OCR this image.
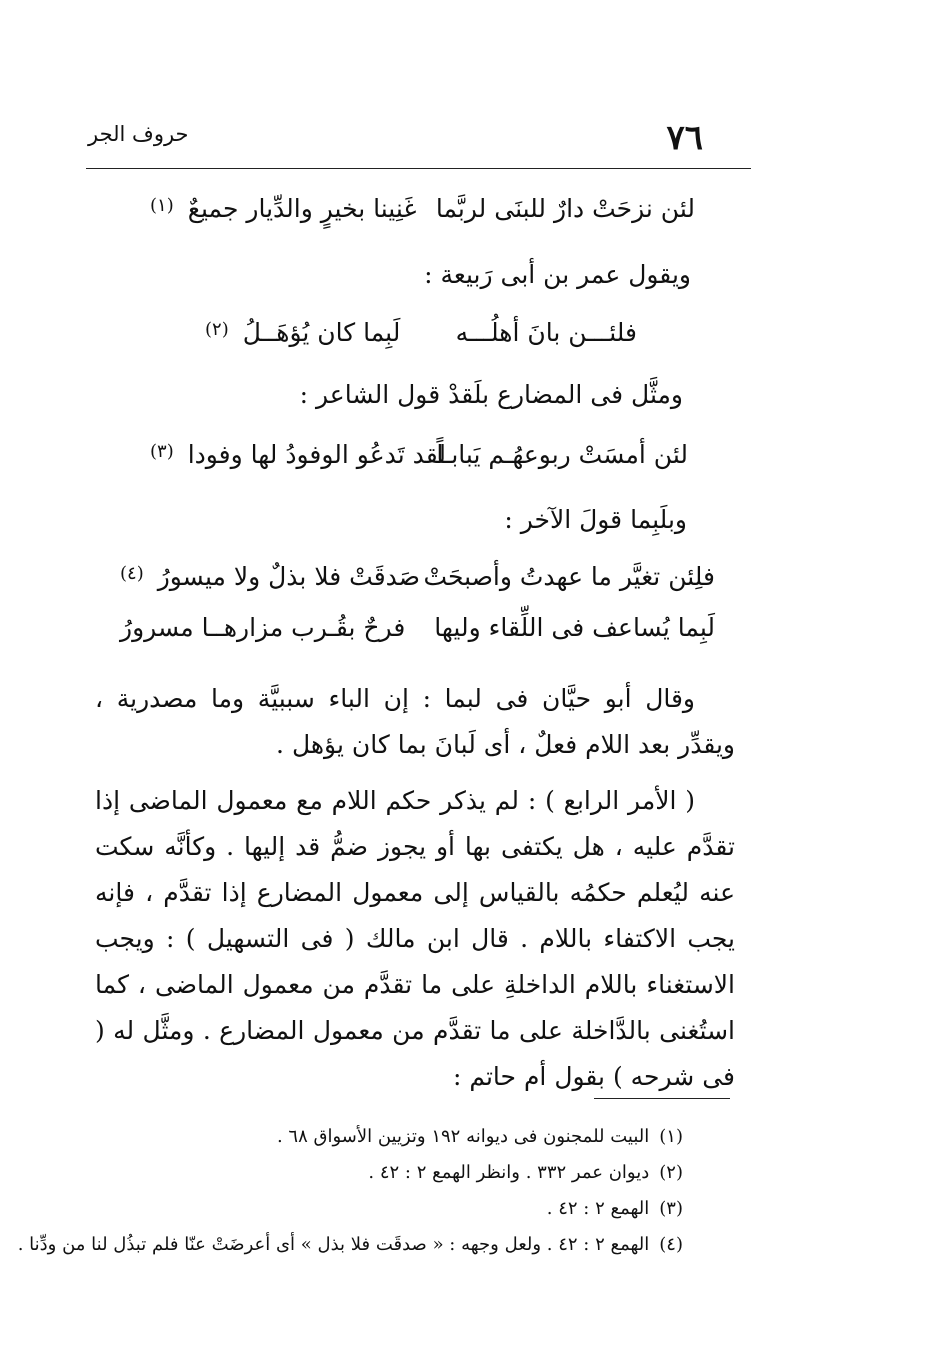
٧٦
حروف الجر
لئن نزحَتْ دارٌ للبنَى لربَّما
غَنِينا بخيرٍ والدِّيار جميعٌ $^{(١)}$
ويقول عمر بن أبى رَبيعة :
فلئـــن بانَ أهلُـــه
لَبِما كان يُؤهَــلُ $^{(٢)}$
ومثَّل فى المضارع بلَقدْ قول الشاعر :
لئن أمسَتْ ربوعهُـم يَبابـاً
لقد تَدعُو الوفودُ لها وفودا $^{(٣)}$
وبلَبِما قولَ الآخر :
فلِئن تغيَّر ما عهدتُ وأصبحَتْ
صَدقَتْ فلا بذلٌ ولا ميسورُ $^{(٤)}$
لَبِما يُساعف فى اللِّقاء وليها
فرحٌ بقُـرب مزارهــا مسرورُ
وقال أبو حيَّان فى لبما : إن الباء سببيَّة وما مصدرية ، ويقدِّر بعد اللام فعلٌ ، أى لَبانَ بما كان يؤهل .
( الأمر الرابع ) : لم يذكر حكم اللام مع معمول الماضى إذا تقدَّم عليه ، هل يكتفى بها أو يجوز ضمُّ قد إليها . وكأنَّه سكت عنه ليُعلم حكمُه بالقياس إلى معمول المضارع إذا تقدَّم ، فإنه يجب الاكتفاء باللام . قال ابن مالك ( فى التسهيل ) : ويجب الاستغناء باللام الداخلةِ على ما تقدَّم من معمول الماضى ، كما استُغنى بالدَّاخلة على ما تقدَّم من معمول المضارع . ومثَّل له ( فى شرحه ) بقول أم حاتم :
(١)البيت للمجنون فى ديوانه ١٩٢ وتزيين الأسواق ٦٨ .
(٢)ديوان عمر ٣٣٢ . وانظر الهمع ٢ : ٤٢ .
(٣)الهمع ٢ : ٤٢ .
(٤)الهمع ٢ : ٤٢ . ولعل وجهه : « صدقَت فلا بذل » أى أعرضَتْ عنّا فلم تبذُل لنا من ودِّنا .
